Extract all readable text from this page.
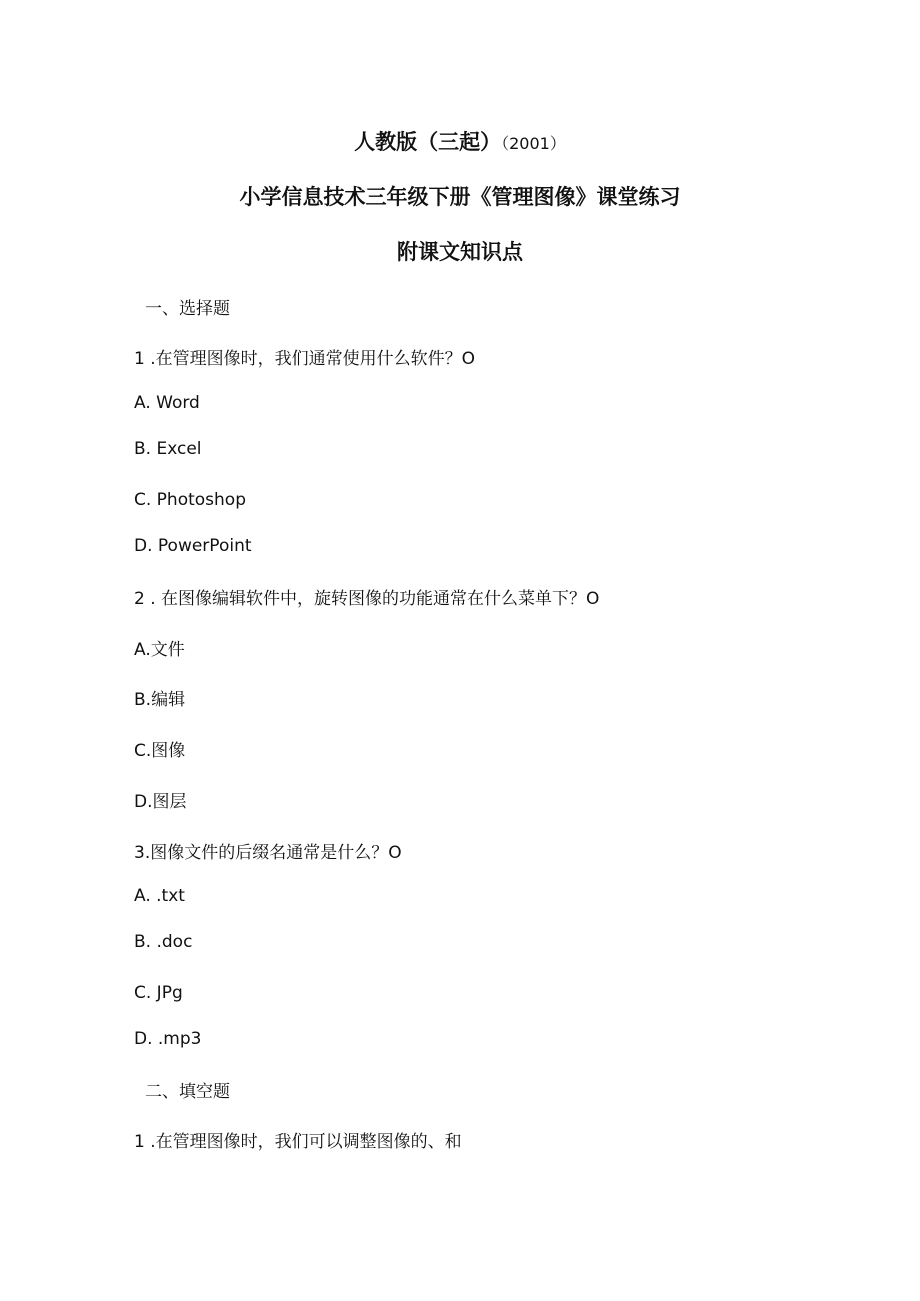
人教版（三起）（2001）
小学信息技术三年级下册《管理图像》课堂练习
附课文知识点
一、选择题
1 .在管理图像时，我们通常使用什么软件？O
A. Word
B. Excel
C. Photoshop
D. PowerPoint
2 . 在图像编辑软件中，旋转图像的功能通常在什么菜单下？O
A.文件
B.编辑
C.图像
D.图层
3.图像文件的后缀名通常是什么？O
A. .txt
B. .doc
C. JPg
D. .mp3
二、填空题
1 .在管理图像时，我们可以调整图像的、和
